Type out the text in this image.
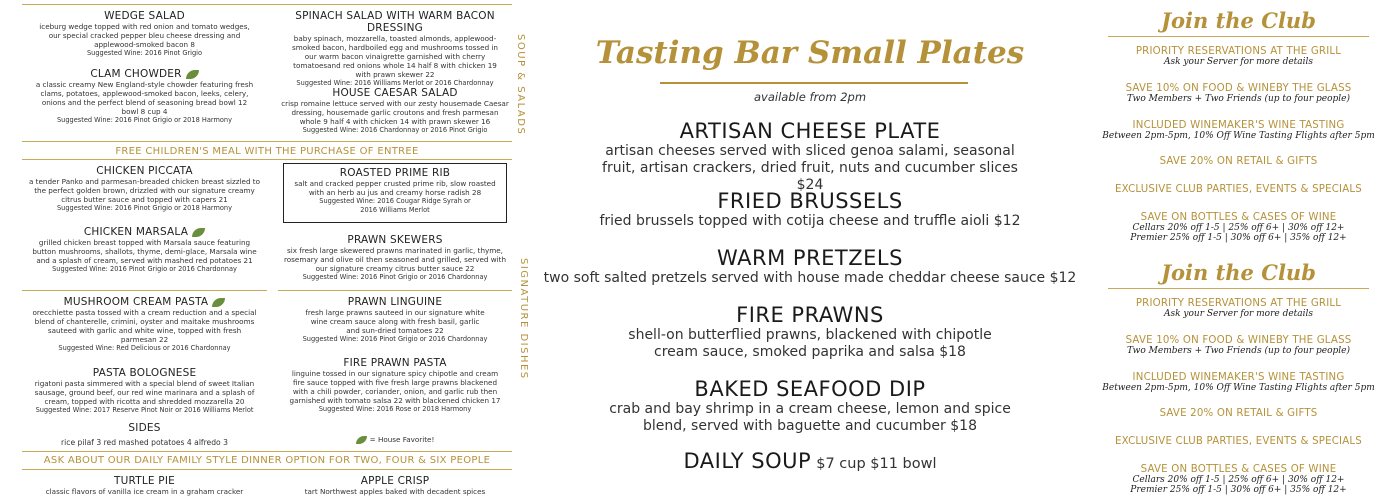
WEDGE SALAD
iceburg wedge topped with red onion and tomato wedges, our special cracked pepper bleu cheese dressing and applewood-smoked bacon 8
Suggested Wine: 2016 Pinot Grigio
CLAM CHOWDER
a classic creamy New England-style chowder featuring fresh clams, potatoes, applewood-smoked bacon, leeks, celery, onions and the perfect blend of seasoning bread bowl 12 bowl 8 cup 4
Suggested Wine: 2016 Pinot Grigio or 2018 Harmony
SPINACH SALAD WITH WARM BACON DRESSING
baby spinach, mozzarella, toasted almonds, applewood-smoked bacon, hardboiled egg and mushrooms tossed in our warm bacon vinaigrette garnished with cherry tomatoesand red onions whole 14 half 8 with chicken 19 with prawn skewer 22
Suggested Wine: 2016 Williams Merlot or 2016 Chardonnay
HOUSE CAESAR SALAD
crisp romaine lettuce served with our zesty housemade Caesar dressing, housemade garlic croutons and fresh parmesan whole 9 half 4 with chicken 14 with prawn skewer 16
Suggested Wine: 2016 Chardonnay or 2016 Pinot Grigio	SOUP & SALADS
FREE CHILDREN'S MEAL WITH THE PURCHASE OF ENTREE
CHICKEN PICCATA
a tender Panko and parmesan-breaded chicken breast sizzled to the perfect golden brown, drizzled with our signature creamy citrus butter sauce and topped with capers 21
Suggested Wine: 2016 Pinot Grigio or 2018 Harmony
CHICKEN MARSALA
grilled chicken breast topped with Marsala sauce featuring button mushrooms, shallots, thyme, demi-glace, Marsala wine and a splash of cream, served with mashed red potatoes 21
Suggested Wine: 2016 Pinot Grigio or 2016 Chardonnay
MUSHROOM CREAM PASTA
orecchiette pasta tossed with a cream reduction and a special blend of chanterelle, crimini, oyster and maitake mushrooms sauteed with garlic and white wine, topped with fresh parmesan 22
Suggested Wine: Red Delicious or 2016 Chardonnay
PASTA BOLOGNESE
rigatoni pasta simmered with a special blend of sweet Italian sausage, ground beef, our red wine marinara and a splash of cream, topped with ricotta and shredded mozzarella 20
Suggested Wine: 2017 Reserve Pinot Noir or 2016 Williams Merlot
SIDES
rice pilaf 3 red mashed potatoes 4 alfredo 3
ROASTED PRIME RIB
salt and cracked pepper crusted prime rib, slow roasted with an herb au jus and creamy horse radish 28
Suggested Wine: 2016 Cougar Ridge Syrah or 2016 Williams Merlot
PRAWN SKEWERS
six fresh large skewered prawns marinated in garlic, thyme, rosemary and olive oil then seasoned and grilled, served with our signature creamy citrus butter sauce 22
Suggested Wine: 2016 Pinot Grigio or 2016 Chardonnay
PRAWN LINGUINE
fresh large prawns sauteed in our signature white wine cream sauce along with fresh basil, garlic and sun-dried tomatoes 22
Suggested Wine: 2016 Pinot Grigio or 2016 Chardonnay
FIRE PRAWN PASTA
linguine tossed in our signature spicy chipotle and cream fire sauce topped with five fresh large prawns blackened with a chili powder, coriander, onion, and garlic rub then garnished with tomato salsa 22 with blackened chicken 17
Suggested Wine: 2016 Rose or 2018 Harmony
= House Favorite!
SIGNATURE DISHES
ASK ABOUT OUR DAILY FAMILY STYLE DINNER OPTION FOR TWO, FOUR & SIX PEOPLE
TURTLE PIE
classic flavors of vanilla ice cream in a graham cracker
APPLE CRISP
tart Northwest apples baked with decadent spices
Tasting Bar Small Plates
available from 2pm
ARTISAN CHEESE PLATE
artisan cheeses served with sliced genoa salami, seasonal fruit, artisan crackers, dried fruit, nuts and cucumber slices $24
FRIED BRUSSELS
fried brussels topped with cotija cheese and truffle aioli $12
WARM PRETZELS
two soft salted pretzels served with house made cheddar cheese sauce $12
FIRE PRAWNS
shell-on butterflied prawns, blackened with chipotle cream sauce, smoked paprika and salsa $18
BAKED SEAFOOD DIP
crab and bay shrimp in a cream cheese, lemon and spice blend, served with baguette and cucumber $18
DAILY SOUP $7 cup $11 bowl
Join the Club
PRIORITY RESERVATIONS AT THE GRILL
Ask your Server for more details
SAVE 10% ON FOOD & WINEBY THE GLASS
Two Members + Two Friends (up to four people)
INCLUDED WINEMAKER'S WINE TASTING
Between 2pm-5pm, 10% Off Wine Tasting Flights after 5pm
SAVE 20% ON RETAIL & GIFTS
EXCLUSIVE CLUB PARTIES, EVENTS & SPECIALS
SAVE ON BOTTLES & CASES OF WINE
Cellars 20% off 1-5 | 25% off 6+ | 30% off 12+
Premier 25% off 1-5 | 30% off 6+ | 35% off 12+
Join the Club
PRIORITY RESERVATIONS AT THE GRILL
Ask your Server for more details
SAVE 10% ON FOOD & WINEBY THE GLASS
Two Members + Two Friends (up to four people)
INCLUDED WINEMAKER'S WINE TASTING
Between 2pm-5pm, 10% Off Wine Tasting Flights after 5pm
SAVE 20% ON RETAIL & GIFTS
EXCLUSIVE CLUB PARTIES, EVENTS & SPECIALS
SAVE ON BOTTLES & CASES OF WINE
Cellars 20% off 1-5 | 25% off 6+ | 30% off 12+
Premier 25% off 1-5 | 30% off 6+ | 35% off 12+
